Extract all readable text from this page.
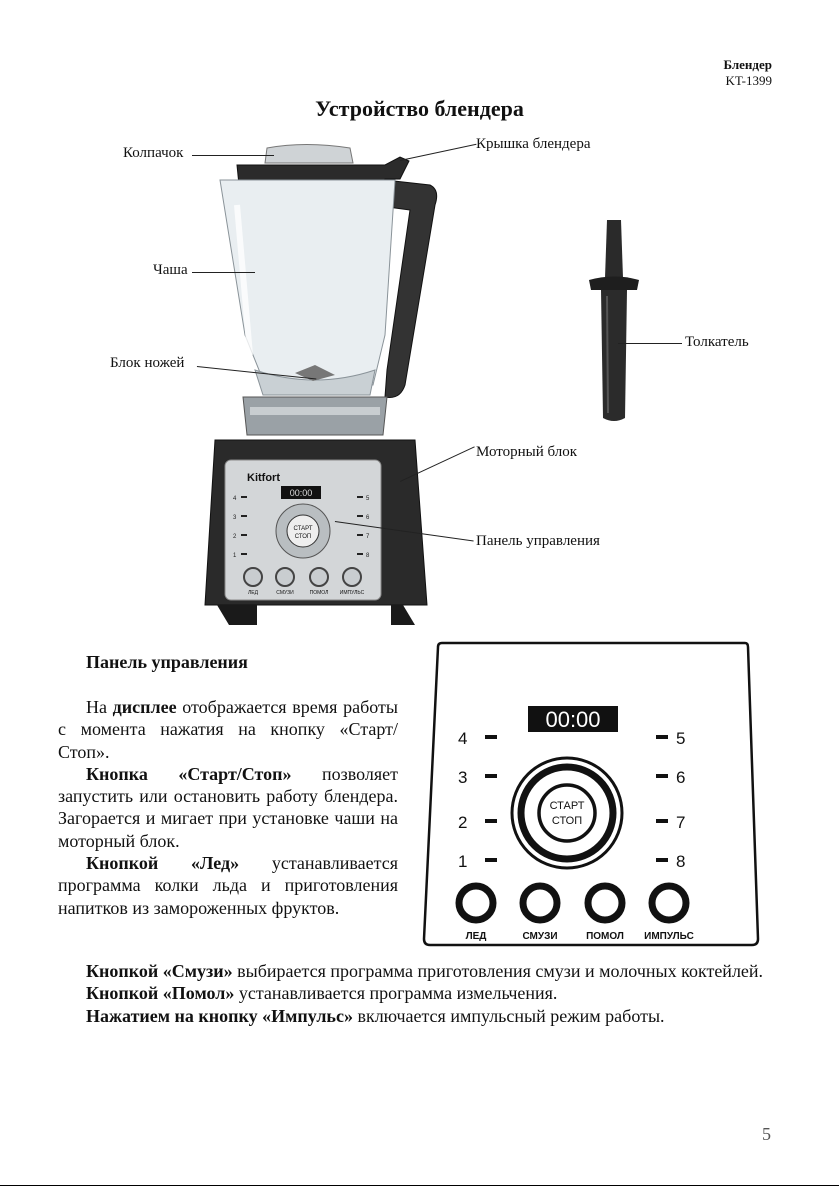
Блендер
KT-1399
Устройство блендера
Kitfort
00:00
4
3
2
1
5
6
7
8
СТАРТ
СТОП
ЛЕД	СМУЗИ	ПОМОЛ ИМПУЛЬС
Колпачок
Крышка блендера
Чаша
Блок ножей
Толкатель
Моторный блок
Панель управления
Панель управления

На дисплее отображается время работы с момента нажатия на кнопку «Старт/Стоп».

Кнопка «Старт/Стоп» позволяет запустить или остановить работу блендера. Загорается и мигает при установке чаши на моторный блок.

Кнопкой «Лед» устанавливается программа колки льда и приготовления напитков из замороженных фруктов.

00:00
4
3
2
1
5
6
7
8
СТАРТ
СТОП
ЛЕД	СМУЗИ	ПОМОЛ ИМПУЛЬС

Кнопкой «Смузи» выбирается программа приготовления смузи и молочных коктейлей.

Кнопкой «Помол» устанавливается программа измельчения.

Нажатием на кнопку «Импульс» включается импульсный режим работы.

5
